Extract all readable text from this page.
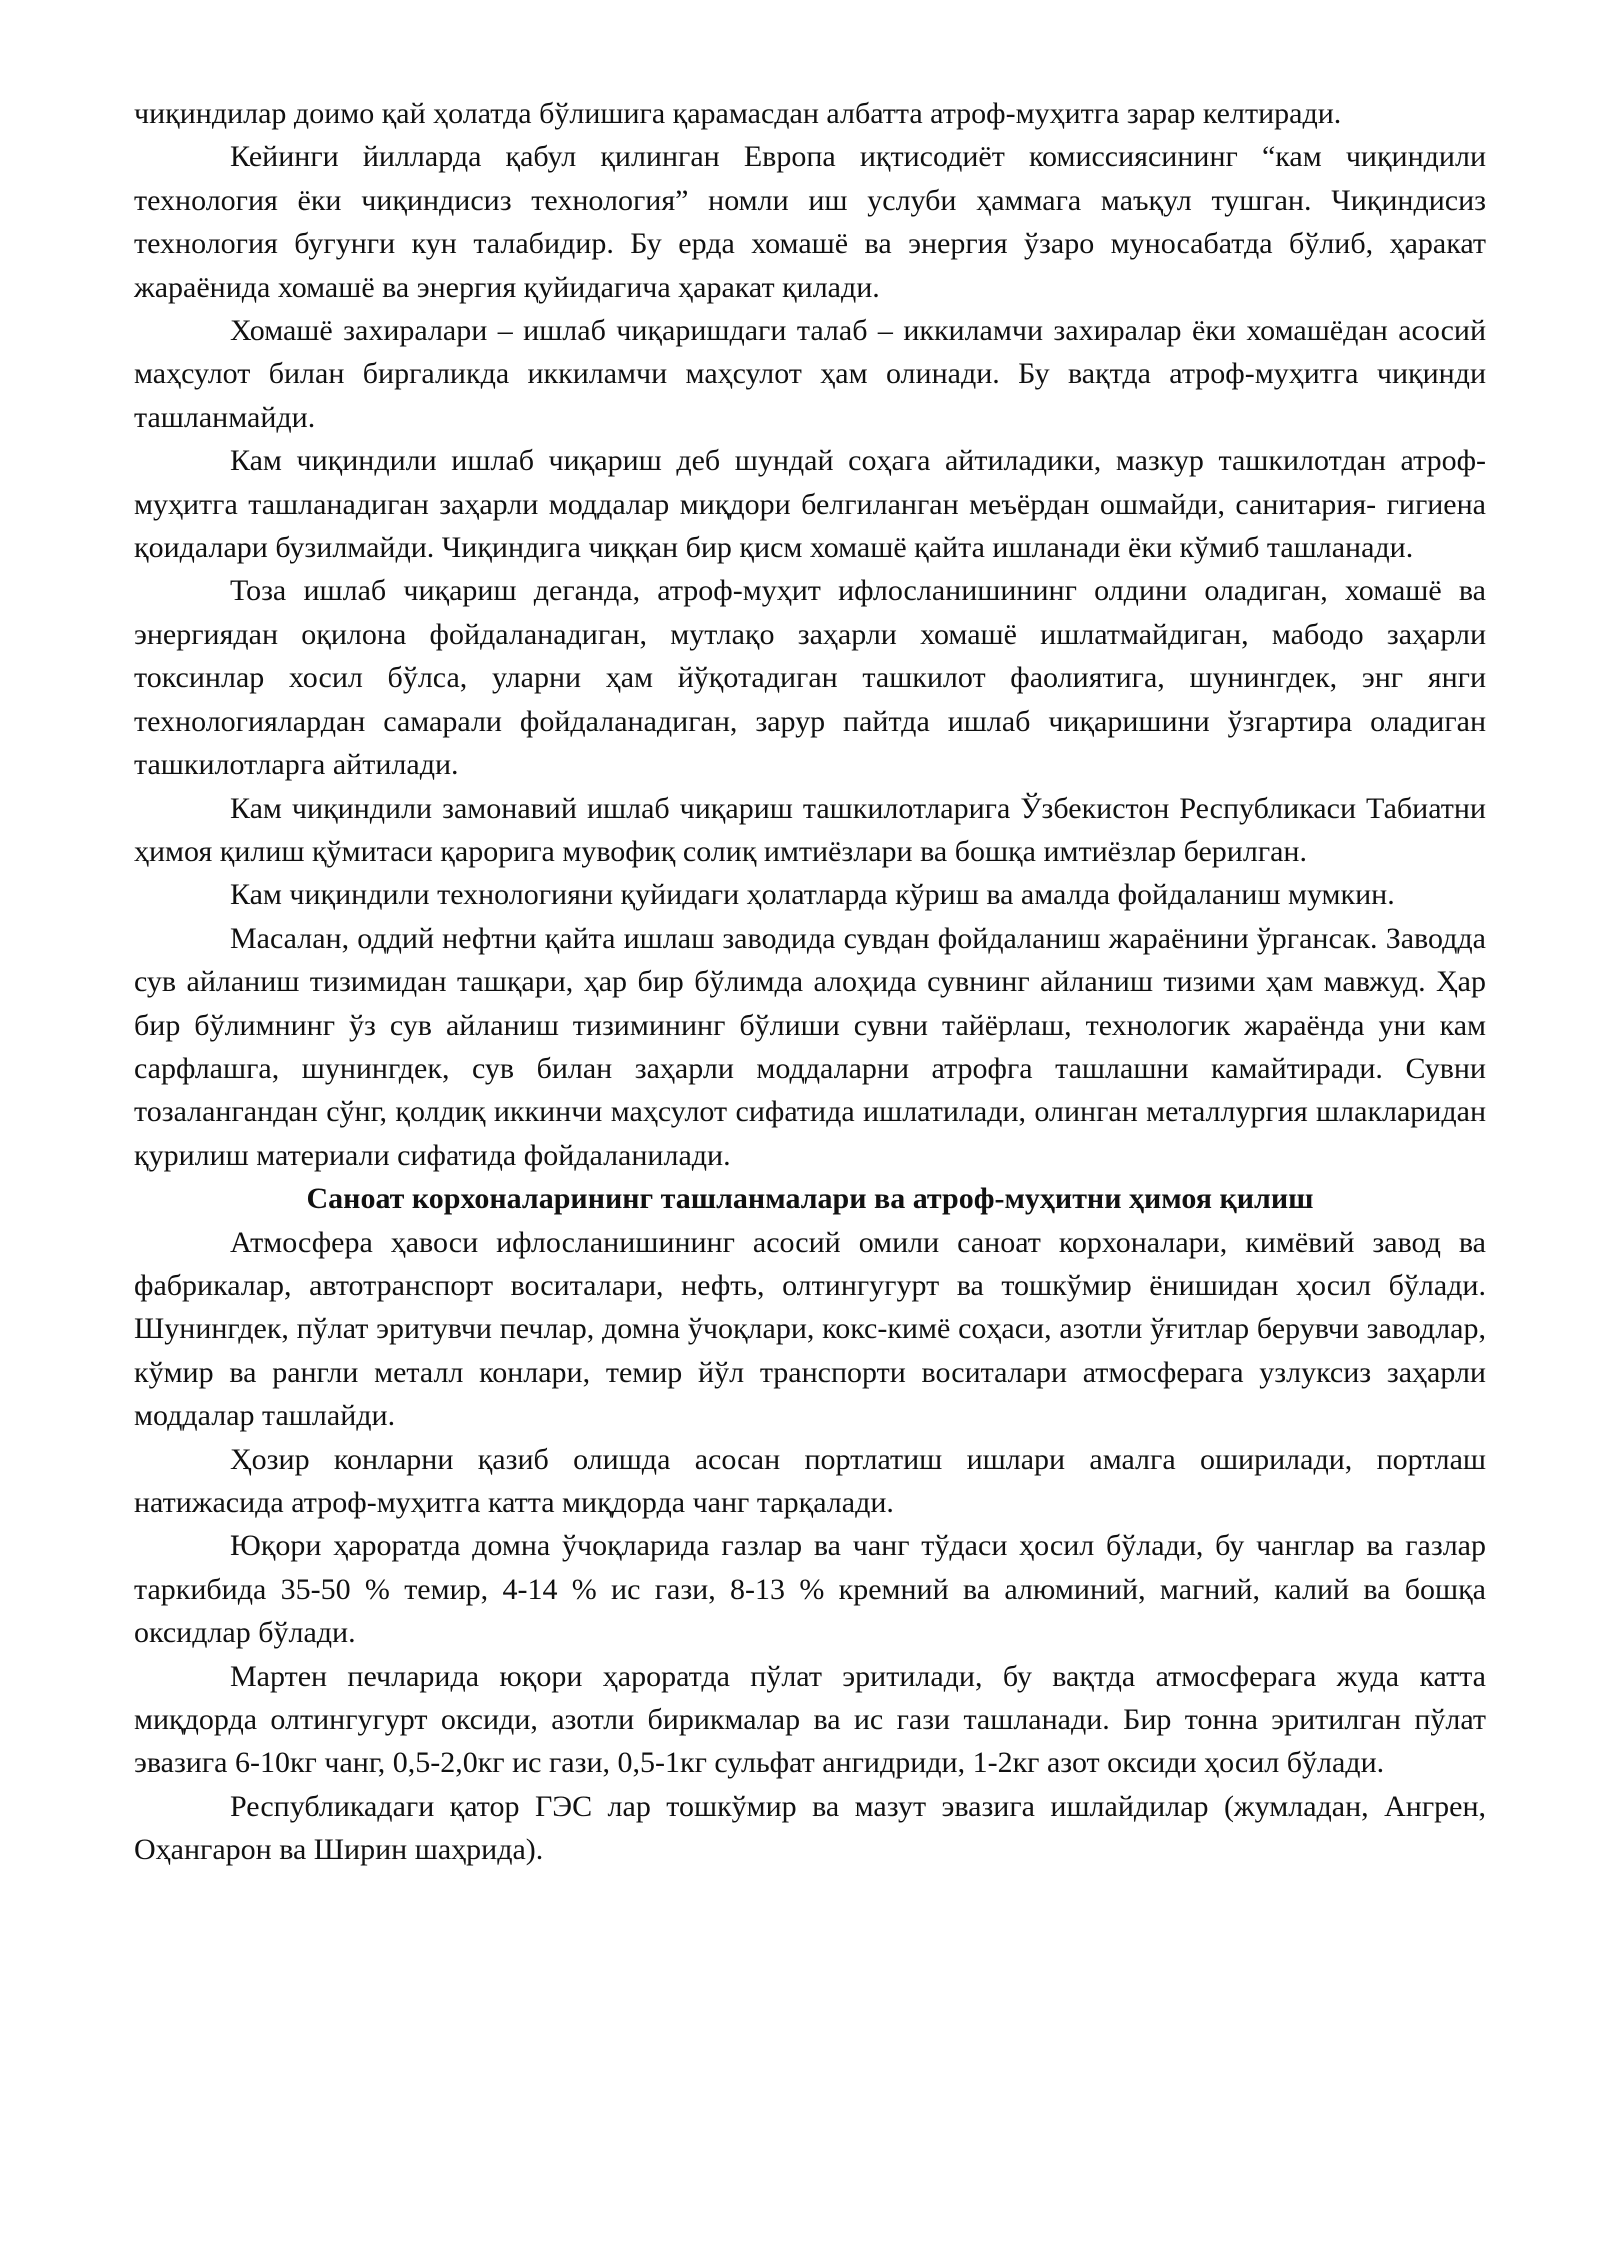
чиқиндилар доимо қай ҳолатда бўлишига қарамасдан албатта атроф-муҳитга зарар келтиради.

Кейинги йилларда қабул қилинган Европа иқтисодиёт комиссиясининг “кам чиқиндили технология ёки чиқиндисиз технология” номли иш услуби ҳаммага маъқул тушган. Чиқиндисиз технология бугунги кун талабидир. Бу ерда хомашё ва энергия ўзаро муносабатда бўлиб, ҳаракат жараёнида хомашё ва энергия қуйидагича ҳаракат қилади.

Хомашё захиралари – ишлаб чиқаришдаги талаб – иккиламчи захиралар ёки хомашёдан асосий маҳсулот билан биргаликда иккиламчи маҳсулот ҳам олинади. Бу вақтда атроф-муҳитга чиқинди ташланмайди.

Кам чиқиндили ишлаб чиқариш деб шундай соҳага айтиладики, мазкур ташкилотдан атроф-муҳитга ташланадиган заҳарли моддалар миқдори белгиланган меъёрдан ошмайди, санитария- гигиена қоидалари бузилмайди. Чиқиндига чиққан бир қисм хомашё қайта ишланади ёки кўмиб ташланади.

Тоза ишлаб чиқариш деганда, атроф-муҳит ифлосланишининг олдини оладиган, хомашё ва энергиядан оқилона фойдаланадиган, мутлақо заҳарли хомашё ишлатмайдиган, мабодо заҳарли токсинлар хосил бўлса, уларни ҳам йўқотадиган ташкилот фаолиятига, шунингдек, энг янги технологиялардан самарали фойдаланадиган, зарур пайтда ишлаб чиқаришини ўзгартира оладиган ташкилотларга айтилади.

Кам чиқиндили замонавий ишлаб чиқариш ташкилотларига Ўзбекистон Республикаси Табиатни ҳимоя қилиш қўмитаси қарорига мувофиқ солиқ имтиёзлари ва бошқа имтиёзлар берилган.

Кам чиқиндили технологияни қуйидаги ҳолатларда кўриш ва амалда фойдаланиш мумкин.

Масалан, оддий нефтни қайта ишлаш заводида сувдан фойдаланиш жараёнини ўргансак. Заводда сув айланиш тизимидан ташқари, ҳар бир бўлимда алоҳида сувнинг айланиш тизими ҳам мавжуд. Ҳар бир бўлимнинг ўз сув айланиш тизимининг бўлиши сувни тайёрлаш, технологик жараёнда уни кам сарфлашга, шунингдек, сув билан заҳарли моддаларни атрофга ташлашни камайтиради. Сувни тозалангандан сўнг, қолдиқ иккинчи маҳсулот сифатида ишлатилади, олинган металлургия шлакларидан қурилиш материали сифатида фойдаланилади.

Саноат корхоналарининг ташланмалари ва атроф-муҳитни ҳимоя қилиш

Атмосфера ҳавоси ифлосланишининг асосий омили саноат корхоналари, кимёвий завод ва фабрикалар, автотранспорт воситалари, нефть, олтингугурт ва тошкўмир ёнишидан ҳосил бўлади. Шунингдек, пўлат эритувчи печлар, домна ўчоқлари, кокс-кимё соҳаси, азотли ўғитлар берувчи заводлар, кўмир ва рангли металл конлари, темир йўл транспорти воситалари атмосферага узлуксиз заҳарли моддалар ташлайди.

Ҳозир конларни қазиб олишда асосан портлатиш ишлари амалга оширилади, портлаш натижасида атроф-муҳитга катта миқдорда чанг тарқалади.

Юқори ҳароратда домна ўчоқларида газлар ва чанг тўдаси ҳосил бўлади, бу чанглар ва газлар таркибида 35-50 % темир, 4-14 % ис гази, 8-13 % кремний ва алюминий, магний, калий ва бошқа оксидлар бўлади.

Мартен печларида юқори ҳароратда пўлат эритилади, бу вақтда атмосферага жуда катта миқдорда олтингугурт оксиди, азотли бирикмалар ва ис гази ташланади. Бир тонна эритилган пўлат эвазига 6-10кг чанг, 0,5-2,0кг ис гази, 0,5-1кг сульфат ангидриди, 1-2кг азот оксиди ҳосил бўлади.

Республикадаги қатор ГЭС лар тошкўмир ва мазут эвазига ишлайдилар (жумладан, Ангрен, Оҳангарон ва Ширин шаҳрида).
